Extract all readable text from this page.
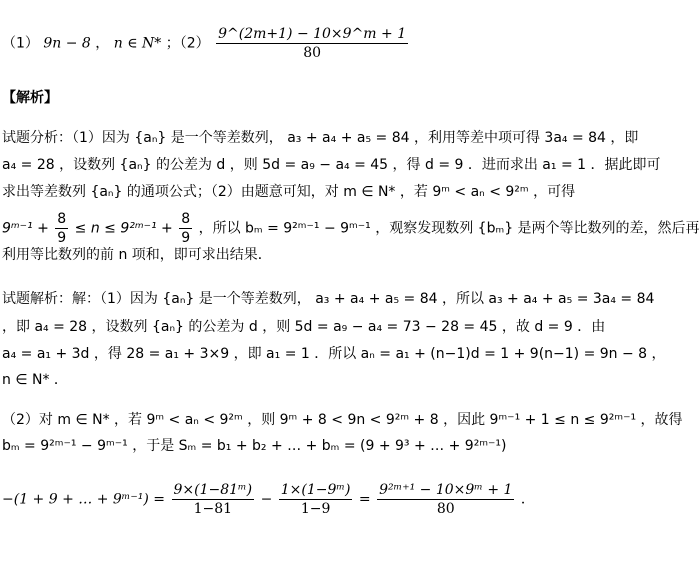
（1） 9n − 8 ， n ∈ N* ；$(2) \frac{9\^{}(2m+1) - 10\times 9\^{}m + 1}{80}$
【解析】
试题分析：（1）因为 {aₙ} 是一个等差数列， a₃ + a₄ + a₅ = 84 ，利用等差中项可得 3a₄ = 84 ，即
a₄ = 28 ，设数列 {aₙ} 的公差为 d ，则 5d = a₉ − a₄ = 45 ，得 d = 9 ．进而求出 a₁ = 1 ．据此即可
求出等差数列 {aₙ} 的通项公式；（2）由题意可知，对 m ∈ N* ，若 9ᵐ < aₙ < 9²ᵐ ，可得
9ᵐ⁻¹ + $\frac{8}{9} \le n$ ≤ 9²ᵐ⁻¹ + $\frac{8}{9}$ ，所以 bₘ = 9²ᵐ⁻¹ − 9ᵐ⁻¹ ，观察发现数列 {bₘ} 是两个等比数列的差，然后再
利用等比数列的前 n 项和，即可求出结果．
试题解析：解：（1）因为 {aₙ} 是一个等差数列， a₃ + a₄ + a₅ = 84 ，所以 a₃ + a₄ + a₅ = 3a₄ = 84
，即 a₄ = 28 ，设数列 {aₙ} 的公差为 d ，则 5d = a₉ − a₄ = 73 − 28 = 45 ，故 d = 9 ．由
a₄ = a₁ + 3d ，得 28 = a₁ + 3×9 ，即 a₁ = 1 ．所以 aₙ = a₁ + (n−1)d = 1 + 9(n−1) = 9n − 8 ，
n ∈ N* ．
（2）对 m ∈ N* ，若 9ᵐ < aₙ < 9²ᵐ ，则 9ᵐ + 8 < 9n < 9²ᵐ + 8 ，因此 9ᵐ⁻¹ + 1 ≤ n ≤ 9²ᵐ⁻¹ ，故得
bₘ = 9²ᵐ⁻¹ − 9ᵐ⁻¹ ，于是 Sₘ = b₁ + b₂ + … + bₘ = (9 + 9³ + … + 9²ᵐ⁻¹)
−(1 + 9 + … + 9ᵐ⁻¹) = $\frac{\text{9×(1−81ᵐ)}}{1-81} - \frac{\text{1×(1−9ᵐ)}}{1-9} = \frac{\text{9²ᵐ⁺¹ − 10×9ᵐ + 1}}{80}$ ．
